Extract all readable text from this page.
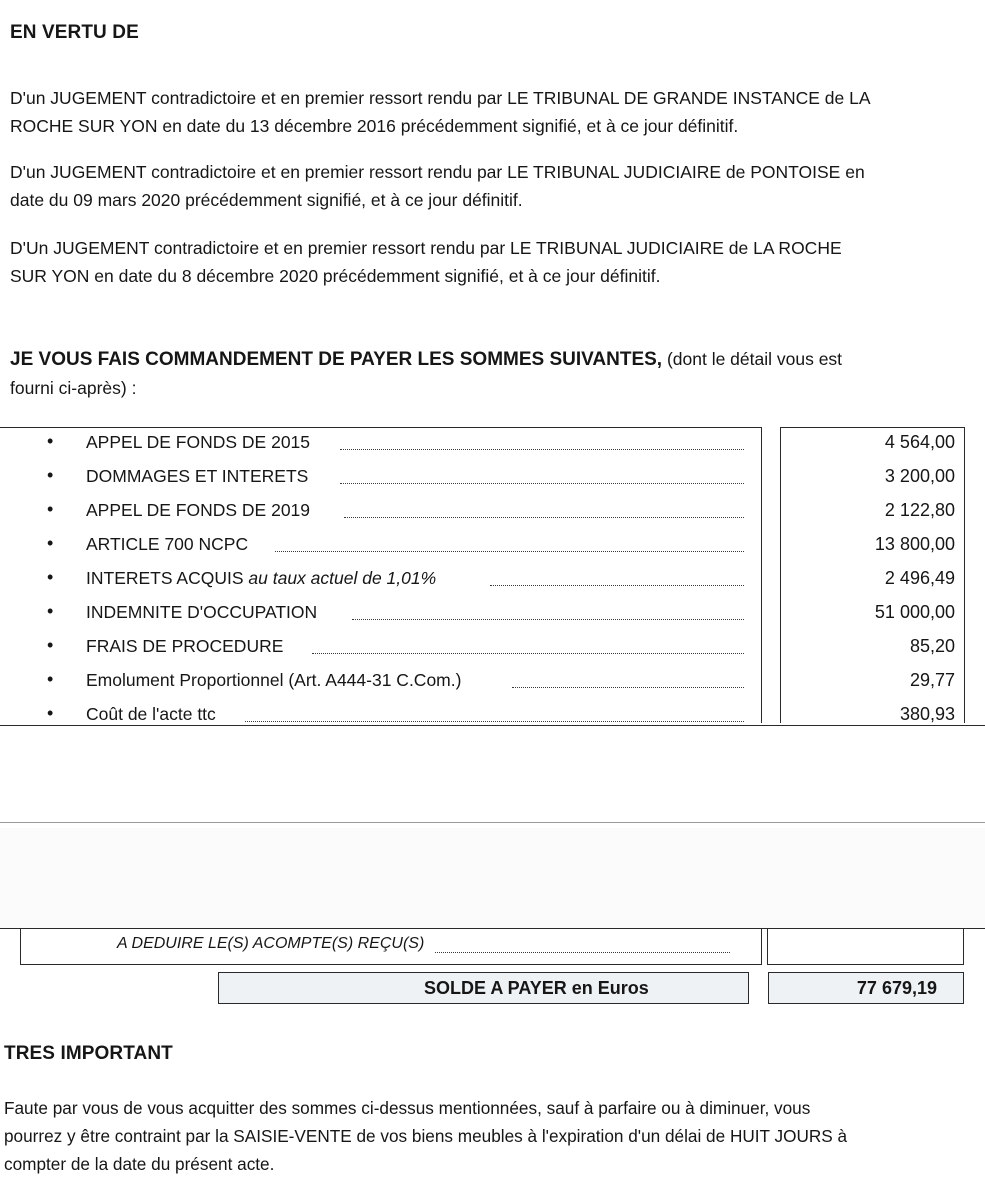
EN VERTU DE
D'un JUGEMENT contradictoire et en premier ressort rendu par LE TRIBUNAL DE GRANDE INSTANCE de LA
ROCHE SUR YON en date du 13 décembre 2016 précédemment signifié, et à ce jour définitif.
D'un JUGEMENT contradictoire et en premier ressort rendu par LE TRIBUNAL JUDICIAIRE de PONTOISE en
date du 09 mars 2020 précédemment signifié, et à ce jour définitif.
D'Un JUGEMENT contradictoire et en premier ressort rendu par LE TRIBUNAL JUDICIAIRE de LA ROCHE
SUR YON en date du 8 décembre 2020 précédemment signifié, et à ce jour définitif.
JE VOUS FAIS COMMANDEMENT DE PAYER LES SOMMES SUIVANTES, (dont le détail vous est
fourni ci-après) :
• APPEL DE FONDS DE 2015	4 564,00
• DOMMAGES ET INTERETS	3 200,00
• APPEL DE FONDS DE 2019	2 122,80
• ARTICLE 700 NCPC	13 800,00
• INTERETS ACQUIS au taux actuel de 1,01%	2 496,49
• INDEMNITE D'OCCUPATION	51 000,00
• FRAIS DE PROCEDURE	85,20
• Emolument Proportionnel (Art. A444-31 C.Com.)	29,77
• Coût de l'acte ttc	380,93
A DEDUIRE LE(S) ACOMPTE(S) REÇU(S)
SOLDE A PAYER en Euros	77 679,19
TRES IMPORTANT
Faute par vous de vous acquitter des sommes ci-dessus mentionnées, sauf à parfaire ou à diminuer, vous
pourrez y être contraint par la SAISIE-VENTE de vos biens meubles à l'expiration d'un délai de HUIT JOURS à
compter de la date du présent acte.
